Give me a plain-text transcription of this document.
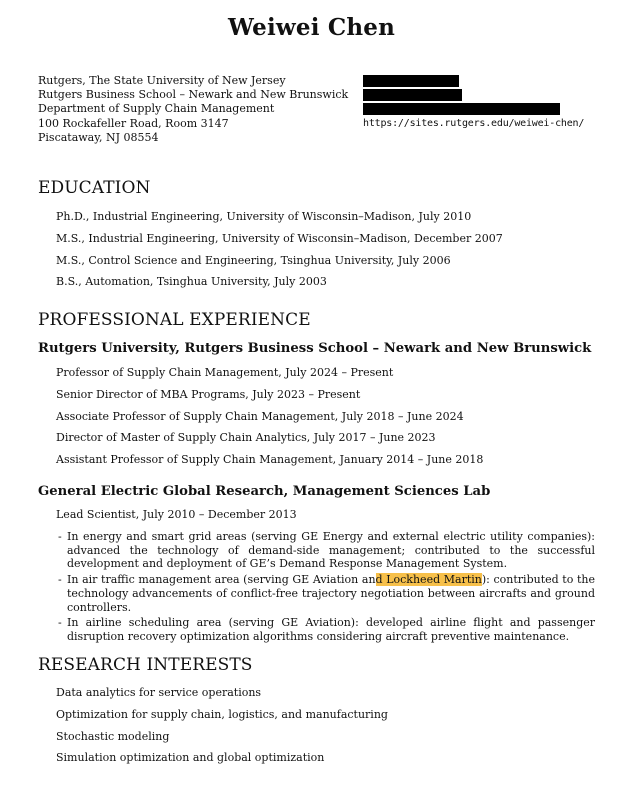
Weiwei Chen
Rutgers, The State University of New Jersey
Rutgers Business School – Newark and New Brunswick
Department of Supply Chain Management
100 Rockafeller Road, Room 3147
Piscataway, NJ 08554
https://sites.rutgers.edu/weiwei-chen/
EDUCATION
Ph.D., Industrial Engineering, University of Wisconsin–Madison, July 2010
M.S., Industrial Engineering, University of Wisconsin–Madison, December 2007
M.S., Control Science and Engineering, Tsinghua University, July 2006
B.S., Automation, Tsinghua University, July 2003
PROFESSIONAL EXPERIENCE
Rutgers University, Rutgers Business School – Newark and New Brunswick
Professor of Supply Chain Management, July 2024 – Present
Senior Director of MBA Programs, July 2023 – Present
Associate Professor of Supply Chain Management, July 2018 – June 2024
Director of Master of Supply Chain Analytics, July 2017 – June 2023
Assistant Professor of Supply Chain Management, January 2014 – June 2018
General Electric Global Research, Management Sciences Lab
Lead Scientist, July 2010 – December 2013
- In energy and smart grid areas (serving GE Energy and external electric utility companies): advanced the technology of demand-side management; contributed to the successful development and deployment of GE’s Demand Response Management System.
- In air traffic management area (serving GE Aviation and Lockheed Martin): contributed to the technology advancements of conflict-free trajectory negotiation between aircrafts and ground controllers.
- In airline scheduling area (serving GE Aviation): developed airline flight and passenger disruption recovery optimization algorithms considering aircraft preventive maintenance.
RESEARCH INTERESTS
Data analytics for service operations
Optimization for supply chain, logistics, and manufacturing
Stochastic modeling
Simulation optimization and global optimization
